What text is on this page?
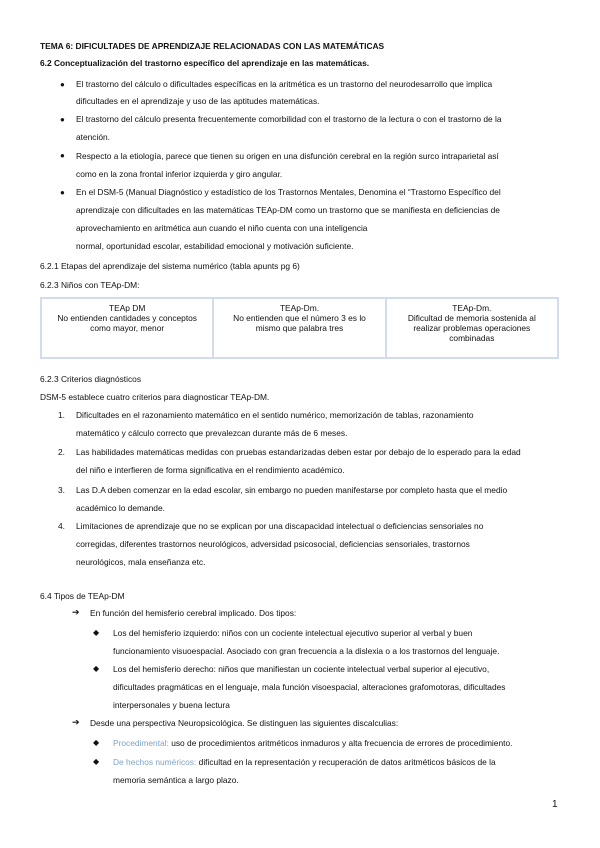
TEMA 6: DIFICULTADES DE APRENDIZAJE RELACIONADAS CON LAS MATEMÁTICAS
6.2 Conceptualización del trastorno específico del aprendizaje en las matemáticas.
● El trastorno del cálculo o dificultades específicas en la aritmética es un trastorno del neurodesarrollo que implica
dificultades en el aprendizaje y uso de las aptitudes matemáticas.
● El trastorno del cálculo presenta frecuentemente comorbilidad con el trastorno de la lectura o con el trastorno de la
atención.
● Respecto a la etiología, parece que tienen su origen en una disfunción cerebral en la región surco intraparietal así
como en la zona frontal inferior izquierda y giro angular.
● En el DSM-5 (Manual Diagnóstico y estadístico de los Trastornos Mentales, Denomina el “Trastorno Específico del
aprendizaje con dificultades en las matemáticas TEAp-DM como un trastorno que se manifiesta en deficiencias de
aprovechamiento en aritmética aun cuando el niño cuenta con una inteligencia
normal, oportunidad escolar, estabilidad emocional y motivación suficiente.
6.2.1 Etapas del aprendizaje del sistema numérico (tabla apunts pg 6)
6.2.3 Niños con TEAp-DM:
TEAp DM
No entienden cantidades y conceptos
como mayor, menor

TEAp-Dm.
No entienden que el número 3 es lo
mismo que palabra tres

TEAp-Dm.
Dificultad de memoria sostenida al
realizar problemas operaciones
combinadas
6.2.3 Criterios diagnósticos
DSM-5 establece cuatro criterios para diagnosticar TEAp-DM.
1. Dificultades en el razonamiento matemático en el sentido numérico, memorización de tablas, razonamiento
matemático y cálculo correcto que prevalezcan durante más de 6 meses.
2. Las habilidades matemáticas medidas con pruebas estandarizadas deben estar por debajo de lo esperado para la edad
del niño e interfieren de forma significativa en el rendimiento académico.
3. Las D.A deben comenzar en la edad escolar, sin embargo no pueden manifestarse por completo hasta que el medio
académico lo demande.
4. Limitaciones de aprendizaje que no se explican por una discapacidad intelectual o deficiencias sensoriales no
corregidas, diferentes trastornos neurológicos, adversidad psicosocial, deficiencias sensoriales, trastornos
neurológicos, mala enseñanza etc.
6.4 Tipos de TEAp-DM
➔ En función del hemisferio cerebral implicado. Dos tipos:
◆ Los del hemisferio izquierdo: niños con un cociente intelectual ejecutivo superior al verbal y buen
funcionamiento visuoespacial. Asociado con gran frecuencia a la dislexia o a los trastornos del lenguaje.
◆ Los del hemisferio derecho: niños que manifiestan un cociente intelectual verbal superior al ejecutivo,
dificultades pragmáticas en el lenguaje, mala función visoespacial, alteraciones grafomotoras, dificultades
interpersonales y buena lectura
➔ Desde una perspectiva Neuropsicológica. Se distinguen las siguientes discalculias:
◆ Procedimental: uso de procedimientos aritméticos inmaduros y alta frecuencia de errores de procedimiento.
◆ De hechos numéricos: dificultad en la representación y recuperación de datos aritméticos básicos de la
memoria semántica a largo plazo.
1
